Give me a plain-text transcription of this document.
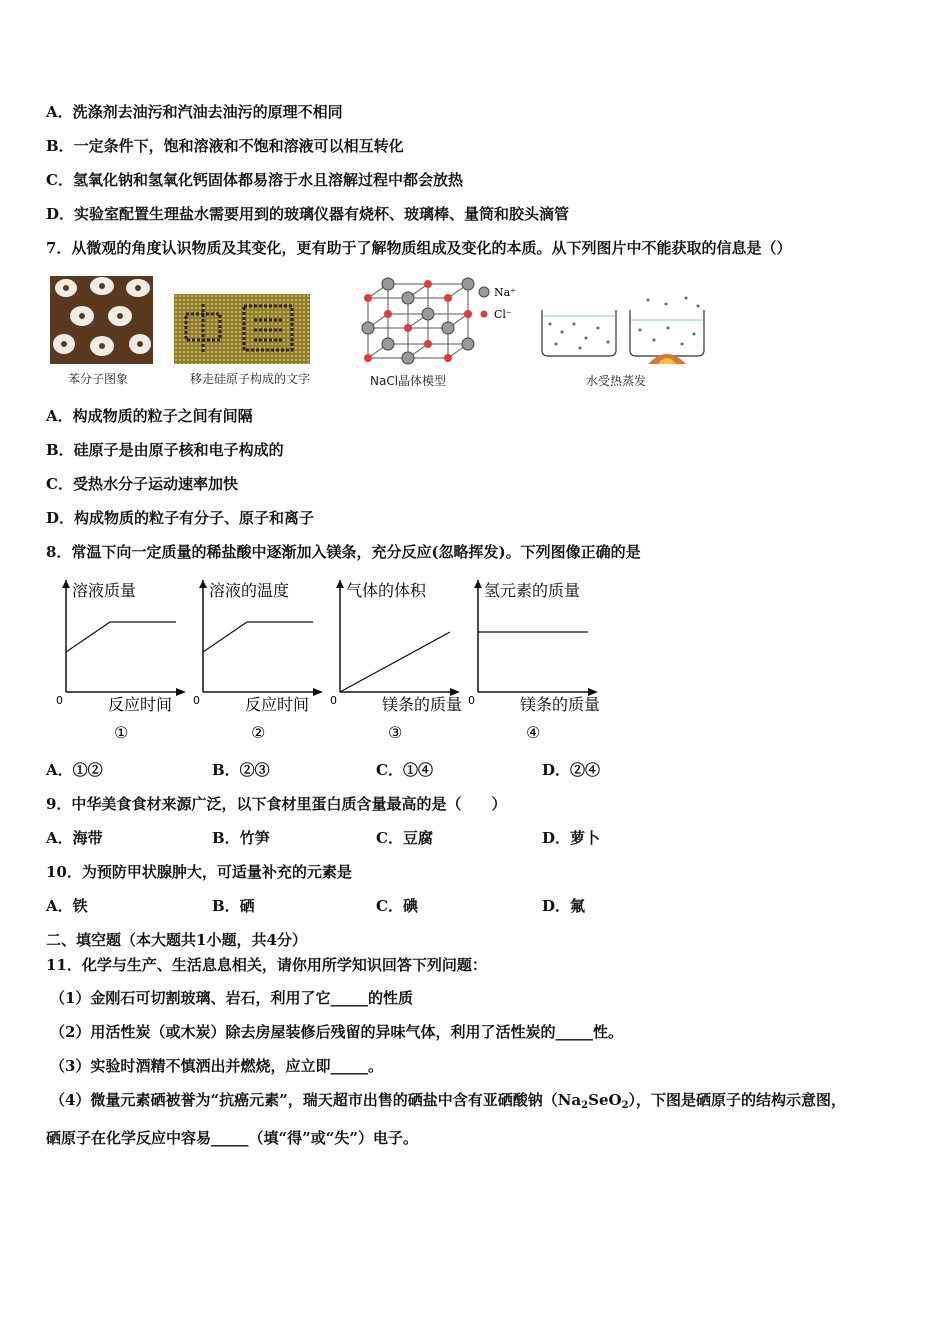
A．洗涤剂去油污和汽油去油污的原理不相同
B．一定条件下，饱和溶液和不饱和溶液可以相互转化
C．氢氧化钠和氢氧化钙固体都易溶于水且溶解过程中都会放热
D．实验室配置生理盐水需要用到的玻璃仪器有烧杯、玻璃棒、量筒和胶头滴管
7．从微观的角度认识物质及其变化，更有助于了解物质组成及变化的本质。从下列图片中不能获取的信息是（）
苯分子图象	移走硅原子构成的文字
Na⁺
Cl⁻
NaCl晶体模型	水受热蒸发
A．构成物质的粒子之间有间隔
B．硅原子是由原子核和电子构成的
C．受热水分子运动速率加快
D．构成物质的粒子有分子、原子和离子
8．常温下向一定质量的稀盐酸中逐渐加入镁条，充分反应(忽略挥发)。下列图像正确的是
溶液质量
反应时间
0
①
溶液的温度
反应时间
0
②
气体的体积
镁条的质量
0
③
氢元素的质量
镁条的质量
0
④
A．①②	B．②③	C．①④	D．②④
9．中华美食食材来源广泛，以下食材里蛋白质含量最高的是（　　）
A．海带	B．竹笋	C．豆腐	D．萝卜
10．为预防甲状腺肿大，可适量补充的元素是
A．铁	B．硒	C．碘	D．氟
二、填空题（本大题共1小题，共4分）
11．化学与生产、生活息息相关，请你用所学知识回答下列问题：
（1）金刚石可切割玻璃、岩石，利用了它_____的性质
（2）用活性炭（或木炭）除去房屋装修后残留的异味气体，利用了活性炭的_____性。
（3）实验时酒精不慎洒出并燃烧，应立即_____。
（4）微量元素硒被誉为“抗癌元素”，瑞天超市出售的硒盐中含有亚硒酸钠$(Na_2SeO_2)$，下图是硒原子的结构示意图，
硒原子在化学反应中容易_____（填“得”或“失”）电子。
